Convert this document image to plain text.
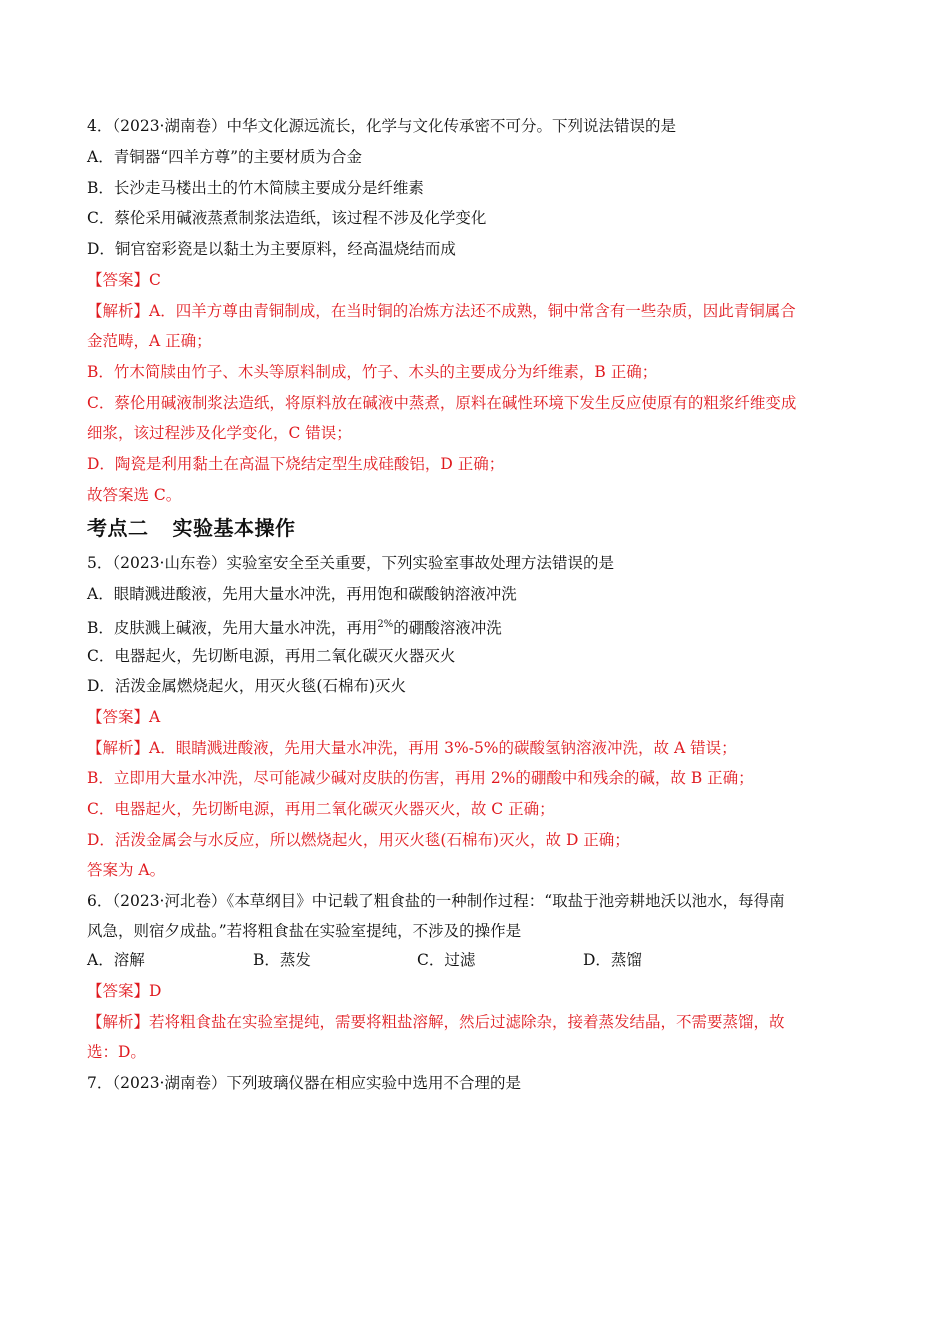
4．（2023·湖南卷）中华文化源远流长，化学与文化传承密不可分。下列说法错误的是
A．青铜器“四羊方尊”的主要材质为合金
B．长沙走马楼出土的竹木简牍主要成分是纤维素
C．蔡伦采用碱液蒸煮制浆法造纸，该过程不涉及化学变化
D．铜官窑彩瓷是以黏土为主要原料，经高温烧结而成
【答案】C
【解析】A．四羊方尊由青铜制成，在当时铜的冶炼方法还不成熟，铜中常含有一些杂质，因此青铜属合
金范畴，A 正确；
B．竹木简牍由竹子、木头等原料制成，竹子、木头的主要成分为纤维素，B 正确；
C．蔡伦用碱液制浆法造纸，将原料放在碱液中蒸煮，原料在碱性环境下发生反应使原有的粗浆纤维变成
细浆，该过程涉及化学变化，C 错误；
D．陶瓷是利用黏土在高温下烧结定型生成硅酸铝，D 正确；
故答案选 C。
考点二 实验基本操作
5．（2023·山东卷）实验室安全至关重要，下列实验室事故处理方法错误的是
A．眼睛溅进酸液，先用大量水冲洗，再用饱和碳酸钠溶液冲洗
B．皮肤溅上碱液，先用大量水冲洗，再用$^{2\%}$的硼酸溶液冲洗
C．电器起火，先切断电源，再用二氧化碳灭火器灭火
D．活泼金属燃烧起火，用灭火毯(石棉布)灭火
【答案】A
【解析】A．眼睛溅进酸液，先用大量水冲洗，再用 3%-5%的碳酸氢钠溶液冲洗，故 A 错误；
B．立即用大量水冲洗，尽可能减少碱对皮肤的伤害，再用 2%的硼酸中和残余的碱，故 B 正确；
C．电器起火，先切断电源，再用二氧化碳灭火器灭火，故 C 正确；
D．活泼金属会与水反应，所以燃烧起火，用灭火毯(石棉布)灭火，故 D 正确；
答案为 A。
6．（2023·河北卷）《本草纲目》中记载了粗食盐的一种制作过程：“取盐于池旁耕地沃以池水，每得南
风急，则宿夕成盐。”若将粗食盐在实验室提纯，不涉及的操作是
A．溶解	B．蒸发	C．过滤	D．蒸馏
【答案】D
【解析】若将粗食盐在实验室提纯，需要将粗盐溶解，然后过滤除杂，接着蒸发结晶，不需要蒸馏，故
选：D。
7．（2023·湖南卷）下列玻璃仪器在相应实验中选用不合理的是
